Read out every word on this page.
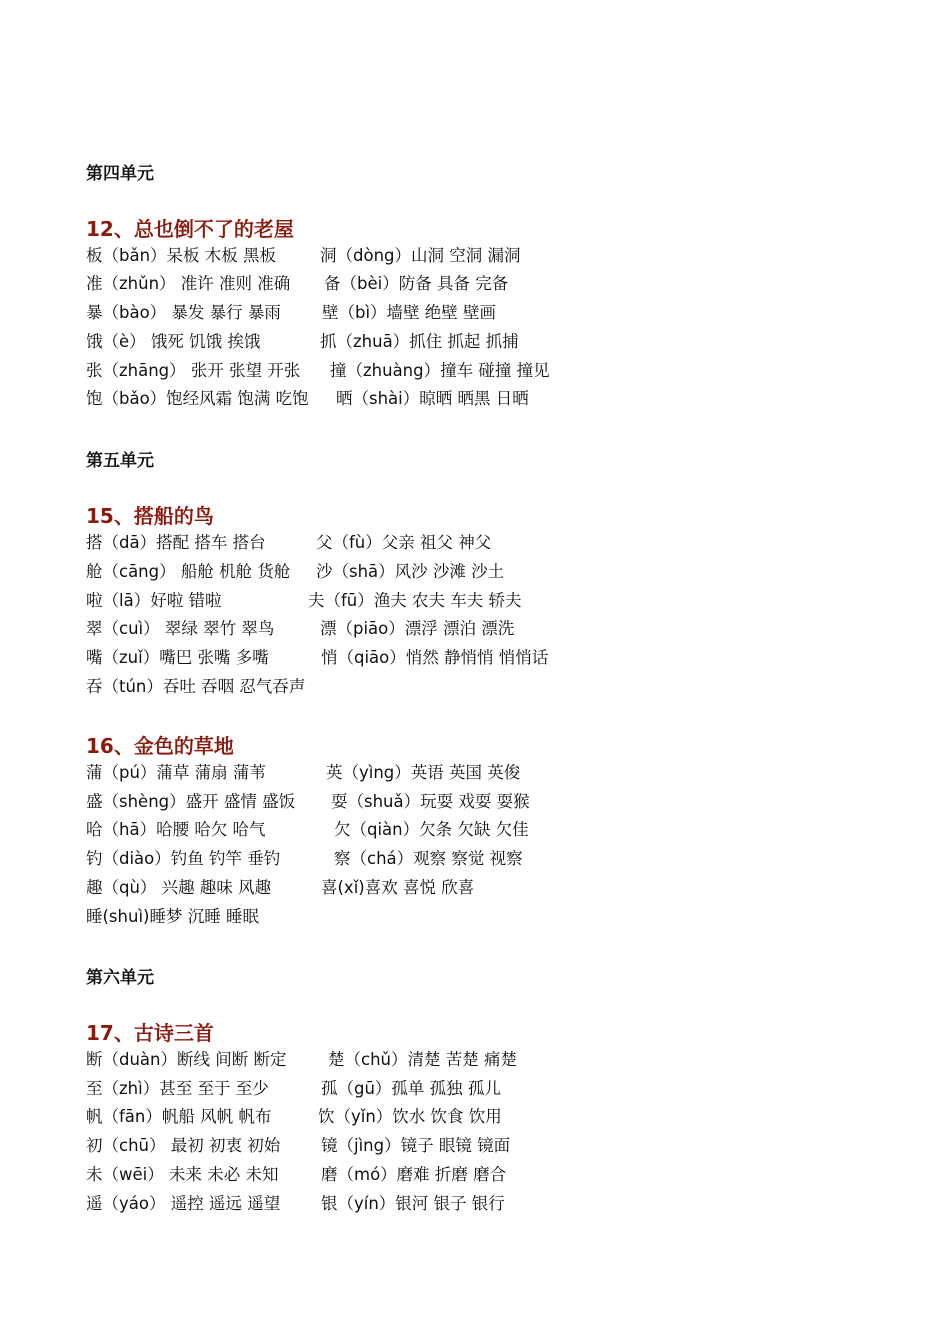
第四单元
12、总也倒不了的老屋
板（bǎn）呆板 木板 黑板	洞（dòng）山洞 空洞 漏洞
准（zhǔn） 准许 准则 准确 备（bèi）防备 具备 完备
暴（bào） 暴发 暴行 暴雨 壁（bì）墙壁 绝壁 壁画
饿（è） 饿死 饥饿 挨饿	抓（zhuā）抓住 抓起 抓捕
张（zhāng） 张开 张望 开张 撞（zhuàng）撞车 碰撞 撞见
饱（bǎo）饱经风霜 饱满 吃饱 晒（shài）晾晒 晒黑 日晒
第五单元
15、搭船的鸟
搭（dā）搭配 搭车 搭台	父（fù）父亲 祖父 神父
舱（cāng） 船舱 机舱 货舱 沙（shā）风沙 沙滩 沙土
啦（lā）好啦 错啦	夫（fū）渔夫 农夫 车夫 轿夫
翠（cuì） 翠绿 翠竹 翠鸟	漂（piāo）漂浮 漂泊 漂洗
嘴（zuǐ）嘴巴 张嘴 多嘴	悄（qiāo）悄然 静悄悄 悄悄话
吞（tún）吞吐 吞咽 忍气吞声
16、金色的草地
蒲（pú）蒲草 蒲扇 蒲苇	英（yìng）英语 英国 英俊
盛（shèng）盛开 盛情 盛饭 耍（shuǎ）玩耍 戏耍 耍猴
哈（hā）哈腰 哈欠 哈气	欠（qiàn）欠条 欠缺 欠佳
钓（diào）钓鱼 钓竿 垂钓	察（chá）观察 察觉 视察
趣（qù） 兴趣 趣味 风趣	喜(xǐ)喜欢 喜悦 欣喜
睡(shuì)睡梦 沉睡 睡眠
第六单元
17、古诗三首
断（duàn）断线 间断 断定	楚（chǔ）清楚 苦楚 痛楚
至（zhì）甚至 至于 至少	孤（gū）孤单 孤独 孤儿
帆（fān）帆船 风帆 帆布	饮（yǐn）饮水 饮食 饮用
初（chū） 最初 初衷 初始 镜（jìng）镜子 眼镜 镜面
未（wēi） 未来 未必 未知	磨（mó）磨难 折磨 磨合
遥（yáo） 遥控 遥远 遥望 银（yín）银河 银子 银行
